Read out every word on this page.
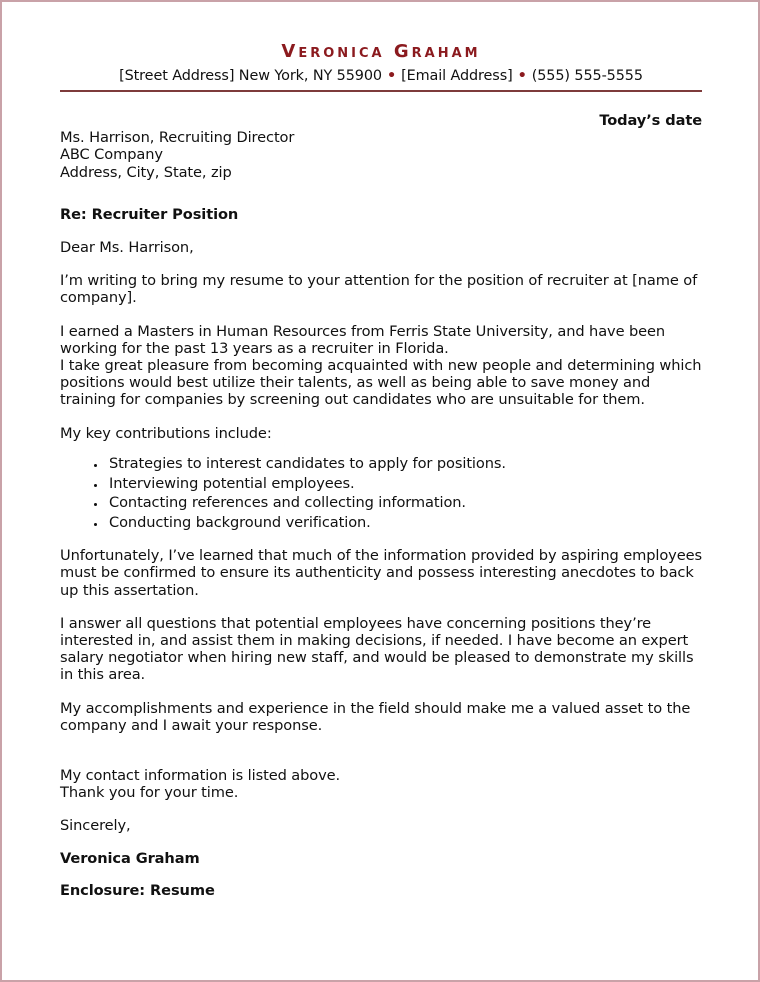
Veronica Graham
[Street Address] New York, NY 55900 • [Email Address] • (555) 555-5555
Today’s date
Ms. Harrison, Recruiting Director
ABC Company
Address, City, State, zip

Re: Recruiter Position

Dear Ms. Harrison,

I’m writing to bring my resume to your attention for the position of recruiter at [name of company].

I earned a Masters in Human Resources from Ferris State University, and have been working for the past 13 years as a recruiter in Florida.

I take great pleasure from becoming acquainted with new people and determining which positions would best utilize their talents, as well as being able to save money and training for companies by screening out candidates who are unsuitable for them.

My key contributions include:

• Strategies to interest candidates to apply for positions.
• Interviewing potential employees.
• Contacting references and collecting information.
• Conducting background verification.

Unfortunately, I’ve learned that much of the information provided by aspiring employees must be confirmed to ensure its authenticity and possess interesting anecdotes to back up this assertation.

I answer all questions that potential employees have concerning positions they’re interested in, and assist them in making decisions, if needed. I have become an expert salary negotiator when hiring new staff, and would be pleased to demonstrate my skills in this area.

My accomplishments and experience in the field should make me a valued asset to the company and I await your response.

My contact information is listed above.

Thank you for your time.

Sincerely,

Veronica Graham

Enclosure: Resume
